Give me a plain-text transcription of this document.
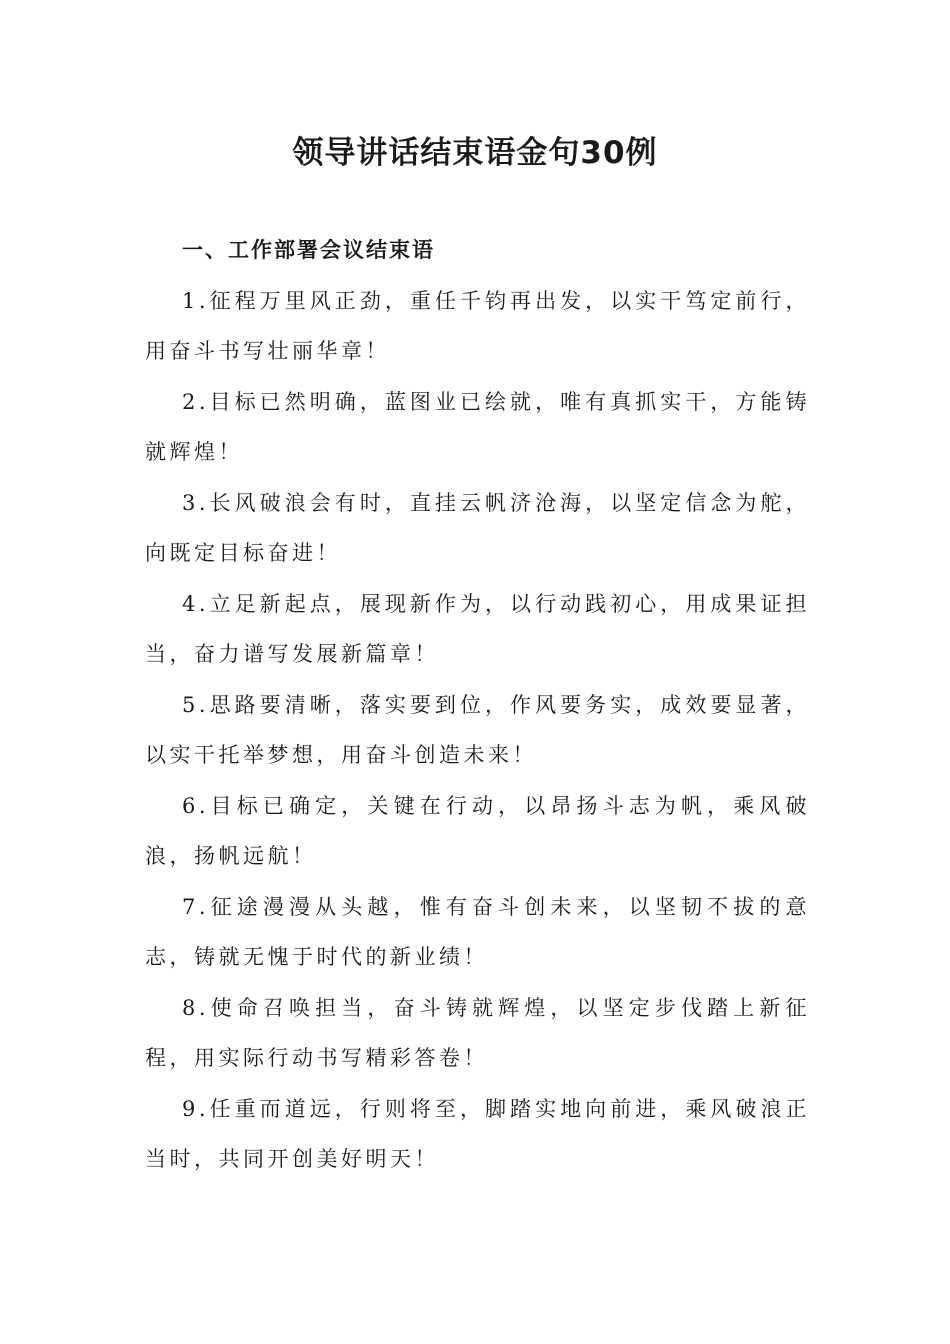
领导讲话结束语金句30例

一、工作部署会议结束语

1.征程万里风正劲，重任千钧再出发，以实干笃定前行，用奋斗书写壮丽华章！

2.目标已然明确，蓝图业已绘就，唯有真抓实干，方能铸就辉煌！

3.长风破浪会有时，直挂云帆济沧海，以坚定信念为舵，向既定目标奋进！

4.立足新起点，展现新作为，以行动践初心，用成果证担当，奋力谱写发展新篇章！

5.思路要清晰，落实要到位，作风要务实，成效要显著，以实干托举梦想，用奋斗创造未来！

6.目标已确定，关键在行动，以昂扬斗志为帆，乘风破浪，扬帆远航！

7.征途漫漫从头越，惟有奋斗创未来，以坚韧不拔的意志，铸就无愧于时代的新业绩！

8.使命召唤担当，奋斗铸就辉煌，以坚定步伐踏上新征程，用实际行动书写精彩答卷！

9.任重而道远，行则将至，脚踏实地向前进，乘风破浪正当时，共同开创美好明天！
